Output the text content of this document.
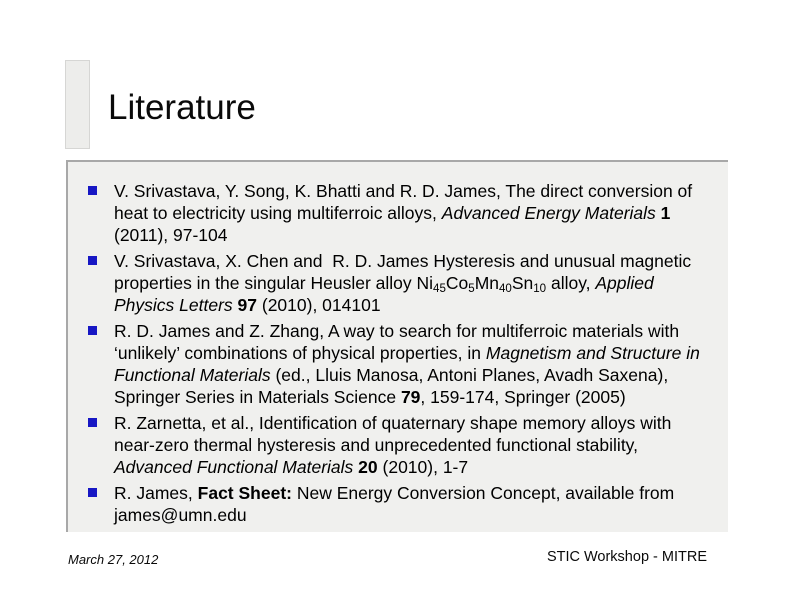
Literature
V. Srivastava, Y. Song, K. Bhatti and R. D. James, The direct conversion of heat to electricity using multiferroic alloys, Advanced Energy Materials 1 (2011), 97-104
V. Srivastava, X. Chen and  R. D. James Hysteresis and unusual magnetic properties in the singular Heusler alloy Ni45Co5Mn40Sn10 alloy, Applied Physics Letters 97 (2010), 014101
R. D. James and Z. Zhang, A way to search for multiferroic materials with ‘unlikely’ combinations of physical properties, in Magnetism and Structure in Functional Materials (ed., Lluis Manosa, Antoni Planes, Avadh Saxena), Springer Series in Materials Science 79, 159-174, Springer (2005)
R. Zarnetta, et al., Identification of quaternary shape memory alloys with near-zero thermal hysteresis and unprecedented functional stability, Advanced Functional Materials 20 (2010), 1-7
R. James, Fact Sheet: New Energy Conversion Concept, available from james@umn.edu
March 27, 2012	STIC Workshop - MITRE
